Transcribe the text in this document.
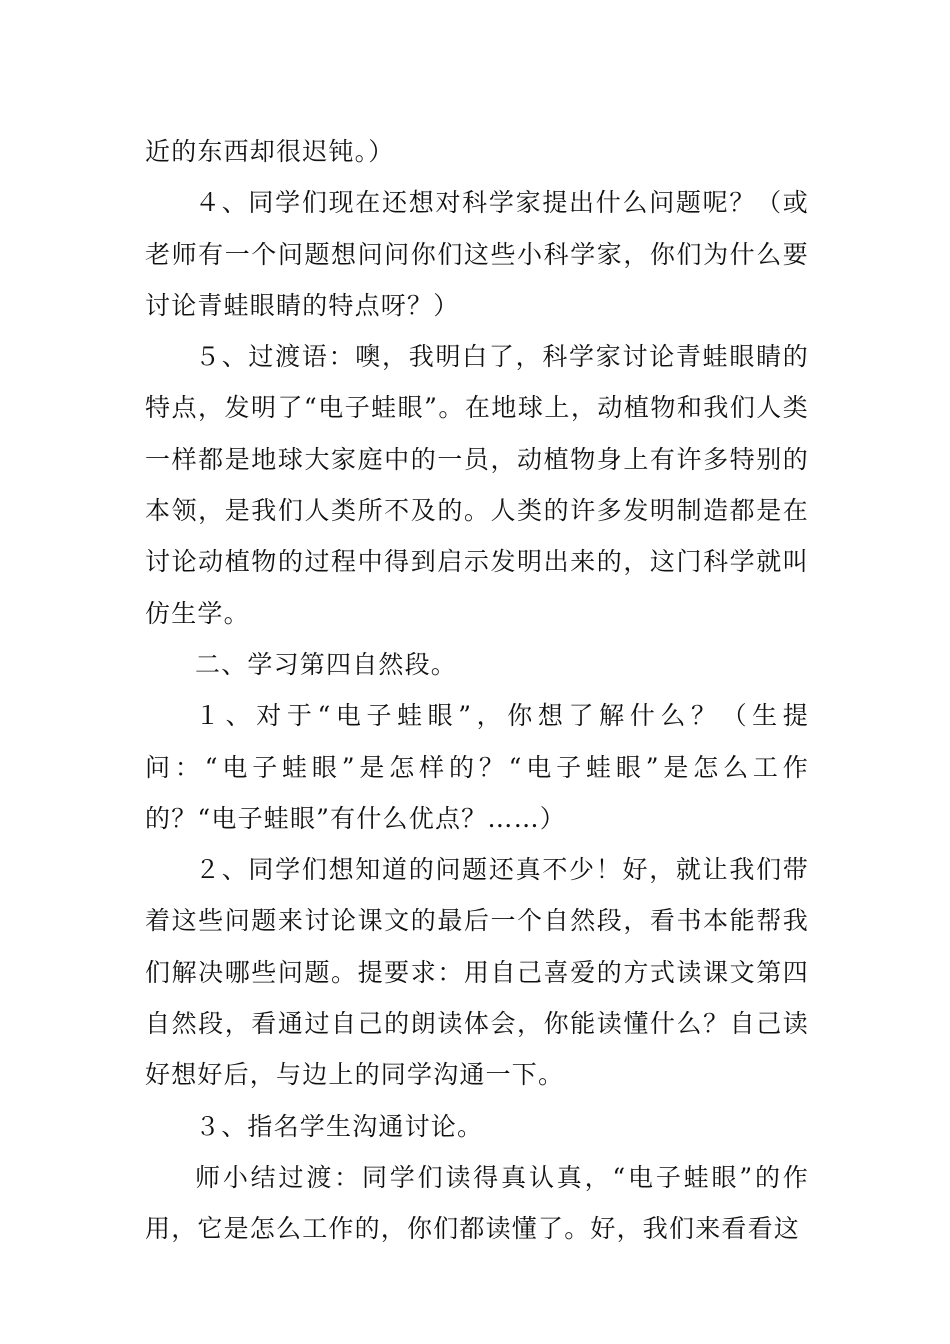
近的东西却很迟钝。）

４、同学们现在还想对科学家提出什么问题呢？（或老师有一个问题想问问你们这些小科学家，你们为什么要讨论青蛙眼睛的特点呀？）

５、过渡语：噢，我明白了，科学家讨论青蛙眼睛的特点，发明了“电子蛙眼”。在地球上，动植物和我们人类一样都是地球大家庭中的一员，动植物身上有许多特别的本领，是我们人类所不及的。人类的许多发明制造都是在讨论动植物的过程中得到启示发明出来的，这门科学就叫仿生学。

二、学习第四自然段。

１、对于“电子蛙眼”，你想了解什么？（生提问：“电子蛙眼”是怎样的？“电子蛙眼”是怎么工作的？“电子蛙眼”有什么优点？……）

２、同学们想知道的问题还真不少！好，就让我们带着这些问题来讨论课文的最后一个自然段，看书本能帮我们解决哪些问题。提要求：用自己喜爱的方式读课文第四自然段，看通过自己的朗读体会，你能读懂什么？自己读好想好后，与边上的同学沟通一下。

３、指名学生沟通讨论。

师小结过渡：同学们读得真认真，“电子蛙眼”的作用，它是怎么工作的，你们都读懂了。好，我们来看看这
